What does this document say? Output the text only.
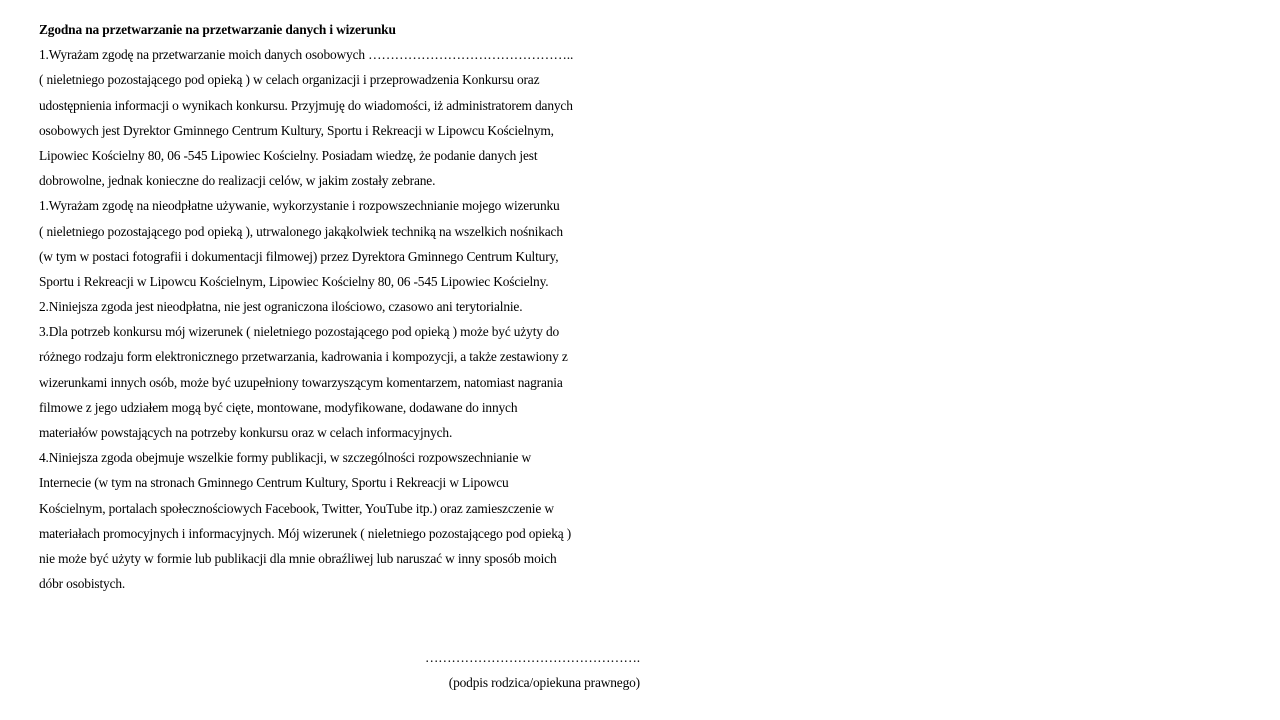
Zgodna na przetwarzanie na przetwarzanie danych i wizerunku
1.Wyrażam zgodę na przetwarzanie moich danych osobowych ………………………………………..
( nieletniego pozostającego pod opieką ) w celach organizacji i przeprowadzenia Konkursu oraz
udostępnienia informacji o wynikach konkursu. Przyjmuję do wiadomości, iż administratorem danych
osobowych jest Dyrektor Gminnego Centrum Kultury, Sportu i Rekreacji w Lipowcu Kościelnym,
Lipowiec Kościelny 80, 06 -545 Lipowiec Kościelny. Posiadam wiedzę, że podanie danych jest
dobrowolne, jednak konieczne do realizacji celów, w jakim zostały zebrane.
1.Wyrażam zgodę na nieodpłatne używanie, wykorzystanie i rozpowszechnianie mojego wizerunku
( nieletniego pozostającego pod opieką ), utrwalonego jakąkolwiek techniką na wszelkich nośnikach
(w tym w postaci fotografii i dokumentacji filmowej) przez Dyrektora Gminnego Centrum Kultury,
Sportu i Rekreacji w Lipowcu Kościelnym, Lipowiec Kościelny 80, 06 -545 Lipowiec Kościelny.
2.Niniejsza zgoda jest nieodpłatna, nie jest ograniczona ilościowo, czasowo ani terytorialnie.
3.Dla potrzeb konkursu mój wizerunek ( nieletniego pozostającego pod opieką ) może być użyty do
różnego rodzaju form elektronicznego przetwarzania, kadrowania i kompozycji, a także zestawiony z
wizerunkami innych osób, może być uzupełniony towarzyszącym komentarzem, natomiast nagrania
filmowe z jego udziałem mogą być cięte, montowane, modyfikowane, dodawane do innych
materiałów powstających na potrzeby konkursu oraz w celach informacyjnych.
4.Niniejsza zgoda obejmuje wszelkie formy publikacji, w szczególności rozpowszechnianie w
Internecie (w tym na stronach Gminnego Centrum Kultury, Sportu i Rekreacji w Lipowcu
Kościelnym, portalach społecznościowych Facebook, Twitter, YouTube itp.) oraz zamieszczenie w
materiałach promocyjnych i informacyjnych. Mój wizerunek ( nieletniego pozostającego pod opieką )
nie może być użyty w formie lub publikacji dla mnie obraźliwej lub naruszać w inny sposób moich
dóbr osobistych.
………………………………………….
(podpis rodzica/opiekuna prawnego)
